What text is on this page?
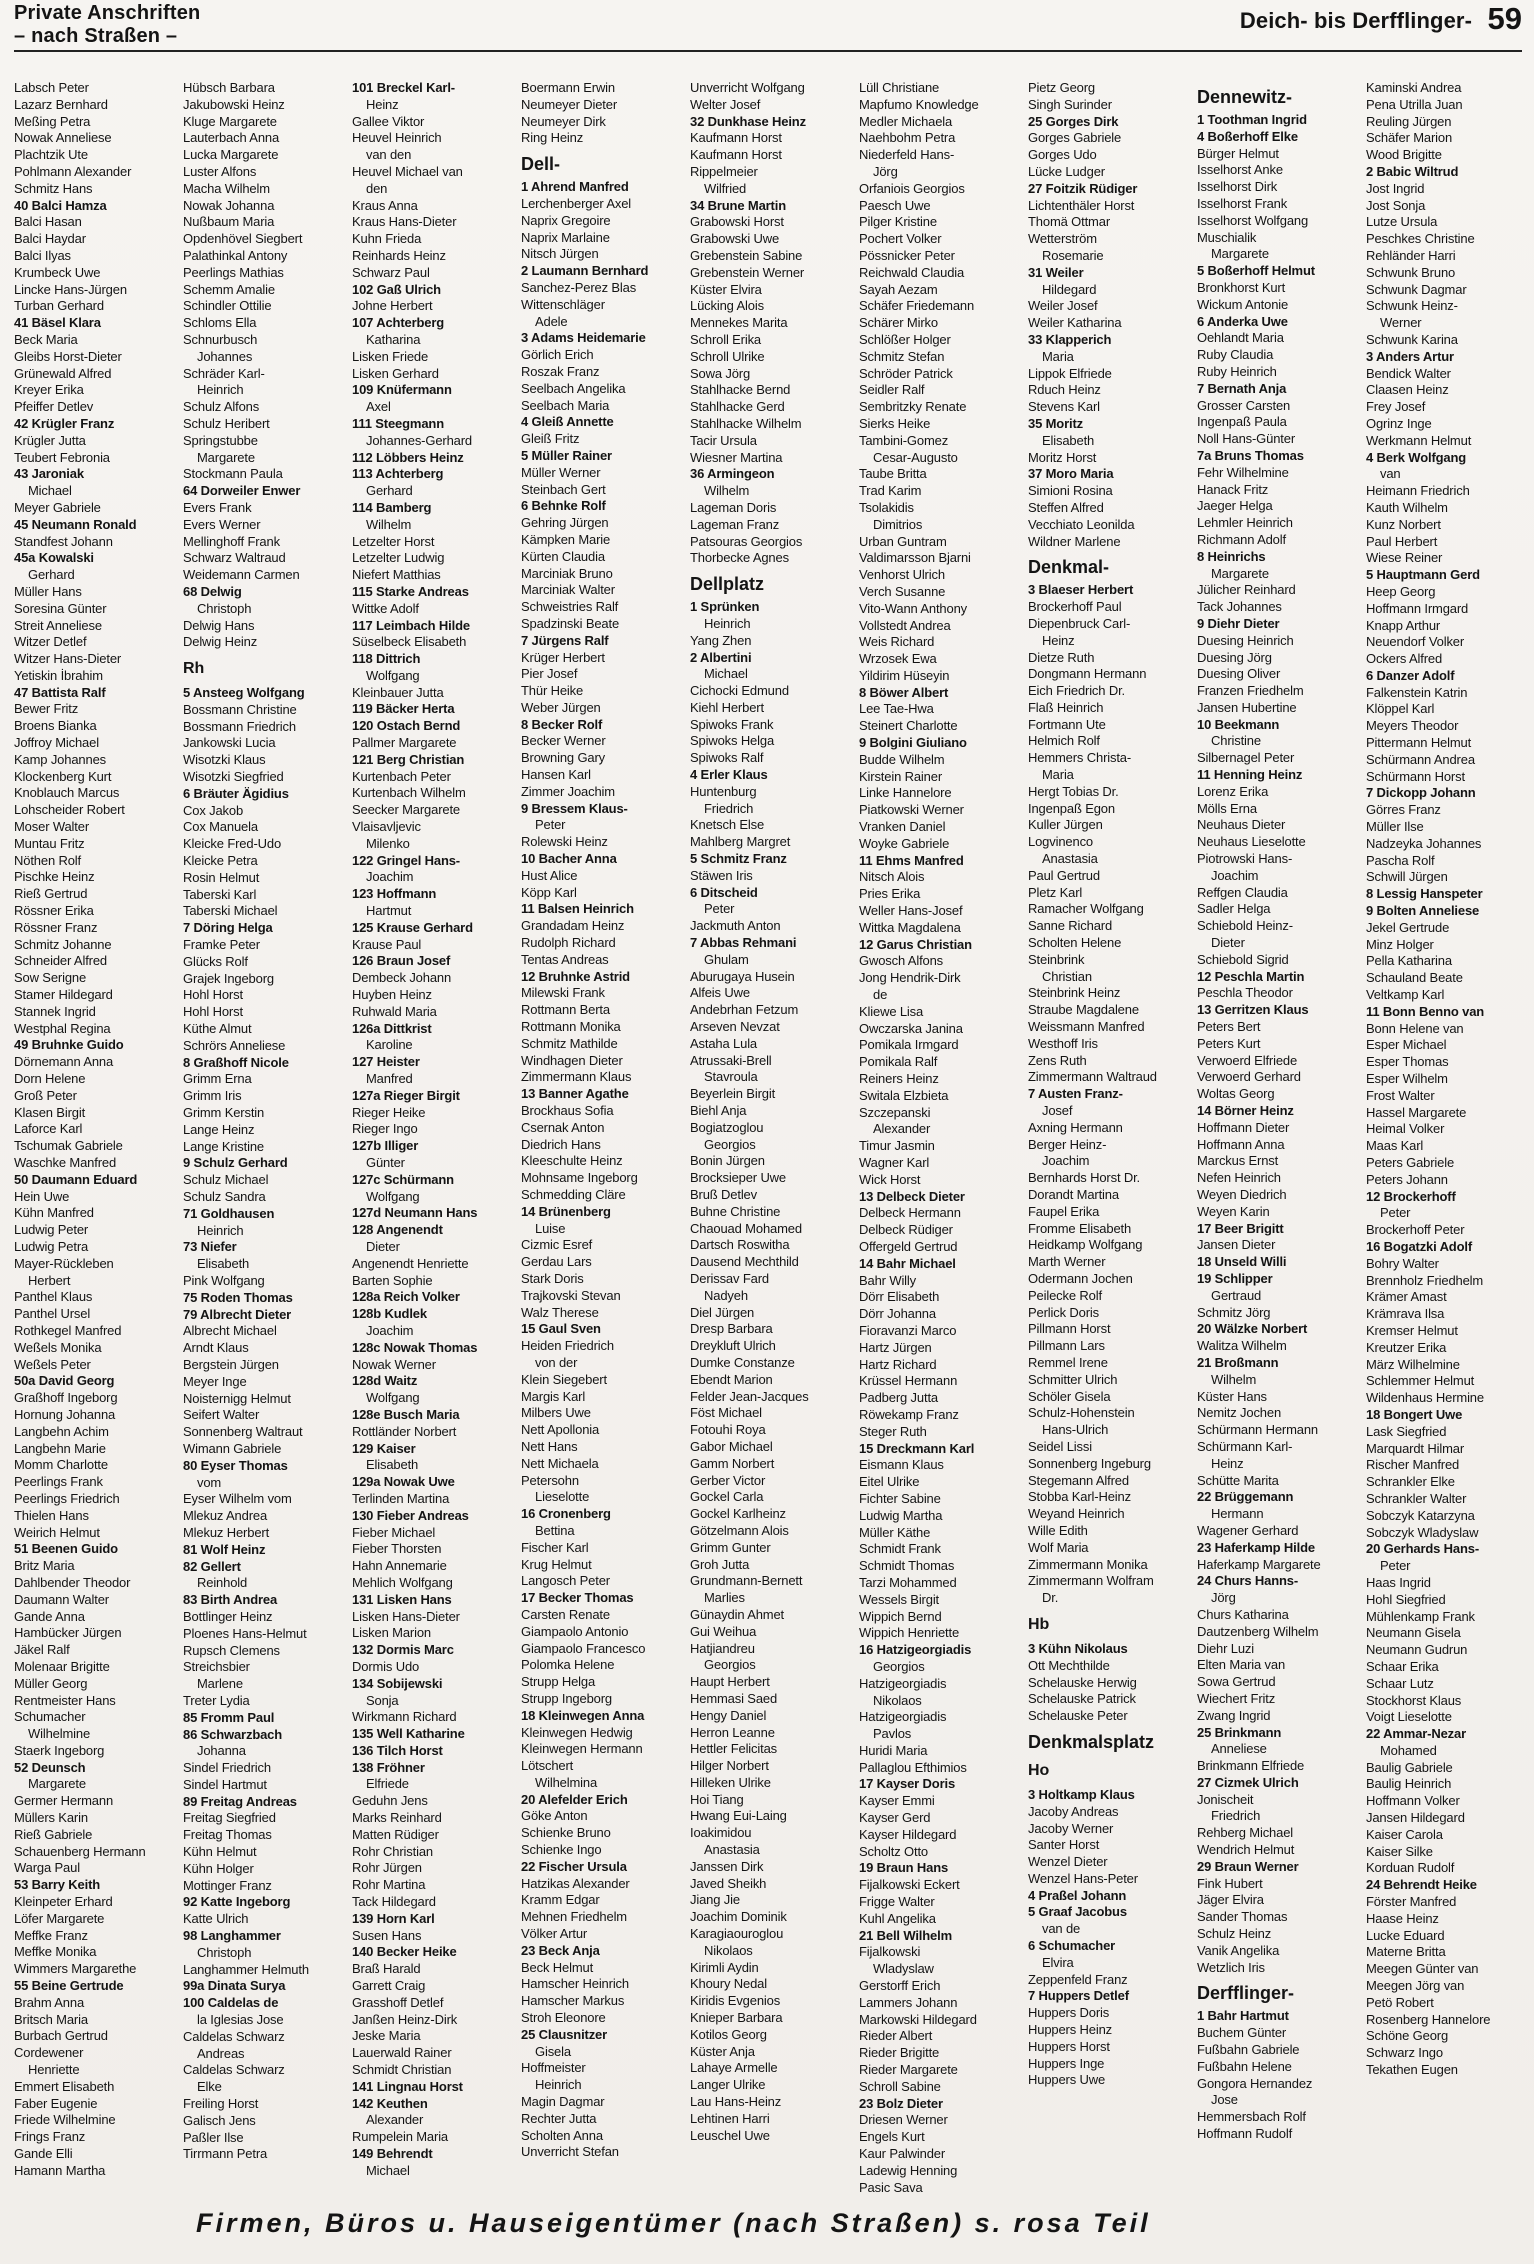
Private Anschriften
– nach Straßen –
Deich- bis Derfflinger- 59
Labsch Peter
Lazarz Bernhard
Meßing Petra
Nowak Anneliese
Plachtzik Ute
Pohlmann Alexander
Schmitz Hans
40 Balci Hamza
Balci Hasan
Balci Haydar
Balci Ilyas
Krumbeck Uwe
Lincke Hans-Jürgen
Turban Gerhard
41 Bäsel Klara
Beck Maria
Gleibs Horst-Dieter
Grünewald Alfred
Kreyer Erika
Pfeiffer Detlev
42 Krügler Franz
Krügler Jutta
Teubert Febronia
43 Jaroniak
Michael
Meyer Gabriele
45 Neumann Ronald
Standfest Johann
45a Kowalski
Gerhard
Müller Hans
Soresina Günter
Streit Anneliese
Witzer Detlef
Witzer Hans-Dieter
Yetiskin İbrahim
47 Battista Ralf
Bewer Fritz
Broens Bianka
Joffroy Michael
Kamp Johannes
Klockenberg Kurt
Knoblauch Marcus
Lohscheider Robert
Moser Walter
Muntau Fritz
Nöthen Rolf
Pischke Heinz
Rieß Gertrud
Rössner Erika
Rössner Franz
Schmitz Johanne
Schneider Alfred
Sow Serigne
Stamer Hildegard
Stannek Ingrid
Westphal Regina
49 Bruhnke Guido
Dörnemann Anna
Dorn Helene
Groß Peter
Klasen Birgit
Laforce Karl
Tschumak Gabriele
Waschke Manfred
50 Daumann Eduard
Hein Uwe
Kühn Manfred
Ludwig Peter
Ludwig Petra
Mayer-Rückleben
Herbert
Panthel Klaus
Panthel Ursel
Rothkegel Manfred
Weßels Monika
Weßels Peter
50a David Georg
Graßhoff Ingeborg
Hornung Johanna
Langbehn Achim
Langbehn Marie
Momm Charlotte
Peerlings Frank
Peerlings Friedrich
Thielen Hans
Weirich Helmut
51 Beenen Guido
Britz Maria
Dahlbender Theodor
Daumann Walter
Gande Anna
Hambücker Jürgen
Jäkel Ralf
Molenaar Brigitte
Müller Georg
Rentmeister Hans
Schumacher
Wilhelmine
Staerk Ingeborg
52 Deunsch
Margarete
Germer Hermann
Müllers Karin
Rieß Gabriele
Schauenberg Hermann
Warga Paul
53 Barry Keith
Kleinpeter Erhard
Löfer Margarete
Meffke Franz
Meffke Monika
Wimmers Margarethe
55 Beine Gertrude
Brahm Anna
Britsch Maria
Burbach Gertrud
Cordewener
Henriette
Emmert Elisabeth
Faber Eugenie
Friede Wilhelmine
Frings Franz
Gande Elli
Hamann Martha
Hübsch Barbara
Jakubowski Heinz
Kluge Margarete
Lauterbach Anna
Lucka Margarete
Luster Alfons
Macha Wilhelm
Nowak Johanna
Nußbaum Maria
Opdenhövel Siegbert
Palathinkal Antony
Peerlings Mathias
Schemm Amalie
Schindler Ottilie
Schloms Ella
Schnurbusch
Johannes
Schräder Karl-
Heinrich
Schulz Alfons
Schulz Heribert
Springstubbe
Margarete
Stockmann Paula
64 Dorweiler Enwer
Evers Frank
Evers Werner
Mellinghoff Frank
Schwarz Waltraud
Weidemann Carmen
68 Delwig
Christoph
Delwig Hans
Delwig Heinz
Rh
5 Ansteeg Wolfgang
Bossmann Christine
Bossmann Friedrich
Jankowski Lucia
Wisotzki Klaus
Wisotzki Siegfried
6 Bräuter Ägidius
Cox Jakob
Cox Manuela
Kleicke Fred-Udo
Kleicke Petra
Rosin Helmut
Taberski Karl
Taberski Michael
7 Döring Helga
Framke Peter
Glücks Rolf
Grajek Ingeborg
Hohl Horst
Hohl Horst
Küthe Almut
Schrörs Anneliese
8 Graßhoff Nicole
Grimm Erna
Grimm Iris
Grimm Kerstin
Lange Heinz
Lange Kristine
9 Schulz Gerhard
Schulz Michael
Schulz Sandra
71 Goldhausen
Heinrich
73 Niefer
Elisabeth
Pink Wolfgang
75 Roden Thomas
79 Albrecht Dieter
Albrecht Michael
Arndt Klaus
Bergstein Jürgen
Meyer Inge
Noisternigg Helmut
Seifert Walter
Sonnenberg Waltraut
Wimann Gabriele
80 Eyser Thomas
vom
Eyser Wilhelm vom
Mlekuz Andrea
Mlekuz Herbert
81 Wolf Heinz
82 Gellert
Reinhold
83 Birth Andrea
Bottlinger Heinz
Ploenes Hans-Helmut
Rupsch Clemens
Streichsbier
Marlene
Treter Lydia
85 Fromm Paul
86 Schwarzbach
Johanna
Sindel Friedrich
Sindel Hartmut
89 Freitag Andreas
Freitag Siegfried
Freitag Thomas
Kühn Helmut
Kühn Holger
Mottinger Franz
92 Katte Ingeborg
Katte Ulrich
98 Langhammer
Christoph
Langhammer Helmuth
99a Dinata Surya
100 Caldelas de
la Iglesias Jose
Caldelas Schwarz
Andreas
Caldelas Schwarz
Elke
Freiling Horst
Galisch Jens
Paßler Ilse
Tirrmann Petra
101 Breckel Karl-
Heinz
Gallee Viktor
Heuvel Heinrich
van den
Heuvel Michael van
den
Kraus Anna
Kraus Hans-Dieter
Kuhn Frieda
Reinhards Heinz
Schwarz Paul
102 Gaß Ulrich
Johne Herbert
107 Achterberg
Katharina
Lisken Friede
Lisken Gerhard
109 Knüfermann
Axel
111 Steegmann
Johannes-Gerhard
112 Löbbers Heinz
113 Achterberg
Gerhard
114 Bamberg
Wilhelm
Letzelter Horst
Letzelter Ludwig
Niefert Matthias
115 Starke Andreas
Wittke Adolf
117 Leimbach Hilde
Süselbeck Elisabeth
118 Dittrich
Wolfgang
Kleinbauer Jutta
119 Bäcker Herta
120 Ostach Bernd
Pallmer Margarete
121 Berg Christian
Kurtenbach Peter
Kurtenbach Wilhelm
Seecker Margarete
Vlaisavljevic
Milenko
122 Gringel Hans-
Joachim
123 Hoffmann
Hartmut
125 Krause Gerhard
Krause Paul
126 Braun Josef
Dembeck Johann
Huyben Heinz
Ruhwald Maria
126a Dittkrist
Karoline
127 Heister
Manfred
127a Rieger Birgit
Rieger Heike
Rieger Ingo
127b Illiger
Günter
127c Schürmann
Wolfgang
127d Neumann Hans
128 Angenendt
Dieter
Angenendt Henriette
Barten Sophie
128a Reich Volker
128b Kudlek
Joachim
128c Nowak Thomas
Nowak Werner
128d Waitz
Wolfgang
128e Busch Maria
Rottländer Norbert
129 Kaiser
Elisabeth
129a Nowak Uwe
Terlinden Martina
130 Fieber Andreas
Fieber Michael
Fieber Thorsten
Hahn Annemarie
Mehlich Wolfgang
131 Lisken Hans
Lisken Hans-Dieter
Lisken Marion
132 Dormis Marc
Dormis Udo
134 Sobijewski
Sonja
Wirkmann Richard
135 Well Katharine
136 Tilch Horst
138 Fröhner
Elfriede
Geduhn Jens
Marks Reinhard
Matten Rüdiger
Rohr Christian
Rohr Jürgen
Rohr Martina
Tack Hildegard
139 Horn Karl
Susen Hans
140 Becker Heike
Braß Harald
Garrett Craig
Grasshoff Detlef
Janßen Heinz-Dirk
Jeske Maria
Lauerwald Rainer
Schmidt Christian
141 Lingnau Horst
142 Keuthen
Alexander
Rumpelein Maria
149 Behrendt
Michael
Boermann Erwin
Neumeyer Dieter
Neumeyer Dirk
Ring Heinz
Dell-
1 Ahrend Manfred
Lerchenberger Axel
Naprix Gregoire
Naprix Marlaine
Nitsch Jürgen
2 Laumann Bernhard
Sanchez-Perez Blas
Wittenschläger
Adele
3 Adams Heidemarie
Görlich Erich
Roszak Franz
Seelbach Angelika
Seelbach Maria
4 Gleiß Annette
Gleiß Fritz
5 Müller Rainer
Müller Werner
Steinbach Gert
6 Behnke Rolf
Gehring Jürgen
Kämpken Marie
Kürten Claudia
Marciniak Bruno
Marciniak Walter
Schweistries Ralf
Spadzinski Beate
7 Jürgens Ralf
Krüger Herbert
Pier Josef
Thür Heike
Weber Jürgen
8 Becker Rolf
Becker Werner
Browning Gary
Hansen Karl
Zimmer Joachim
9 Bressem Klaus-
Peter
Rolewski Heinz
10 Bacher Anna
Hust Alice
Köpp Karl
11 Balsen Heinrich
Grandadam Heinz
Rudolph Richard
Tentas Andreas
12 Bruhnke Astrid
Milewski Frank
Rottmann Berta
Rottmann Monika
Schmitz Mathilde
Windhagen Dieter
Zimmermann Klaus
13 Banner Agathe
Brockhaus Sofia
Csernak Anton
Diedrich Hans
Kleeschulte Heinz
Mohnsame Ingeborg
Schmedding Cläre
14 Brünenberg
Luise
Cizmic Esref
Gerdau Lars
Stark Doris
Trajkovski Stevan
Walz Therese
15 Gaul Sven
Heiden Friedrich
von der
Klein Siegebert
Margis Karl
Milbers Uwe
Nett Apollonia
Nett Hans
Nett Michaela
Petersohn
Lieselotte
16 Cronenberg
Bettina
Fischer Karl
Krug Helmut
Langosch Peter
17 Becker Thomas
Carsten Renate
Giampaolo Antonio
Giampaolo Francesco
Polomka Helene
Strupp Helga
Strupp Ingeborg
18 Kleinwegen Anna
Kleinwegen Hedwig
Kleinwegen Hermann
Lötschert
Wilhelmina
20 Alefelder Erich
Göke Anton
Schienke Bruno
Schienke Ingo
22 Fischer Ursula
Hatzikas Alexander
Kramm Edgar
Mehnen Friedhelm
Völker Artur
23 Beck Anja
Beck Helmut
Hamscher Heinrich
Hamscher Markus
Stroh Eleonore
25 Clausnitzer
Gisela
Hoffmeister
Heinrich
Magin Dagmar
Rechter Jutta
Scholten Anna
Unverricht Stefan
Unverricht Wolfgang
Welter Josef
32 Dunkhase Heinz
Kaufmann Horst
Kaufmann Horst
Rippelmeier
Wilfried
34 Brune Martin
Grabowski Horst
Grabowski Uwe
Grebenstein Sabine
Grebenstein Werner
Küster Elvira
Lücking Alois
Mennekes Marita
Schroll Erika
Schroll Ulrike
Sowa Jörg
Stahlhacke Bernd
Stahlhacke Gerd
Stahlhacke Wilhelm
Tacir Ursula
Wiesner Martina
36 Armingeon
Wilhelm
Lageman Doris
Lageman Franz
Patsouras Georgios
Thorbecke Agnes
Dellplatz
1 Sprünken
Heinrich
Yang Zhen
2 Albertini
Michael
Cichocki Edmund
Kiehl Herbert
Spiwoks Frank
Spiwoks Helga
Spiwoks Ralf
4 Erler Klaus
Huntenburg
Friedrich
Knetsch Else
Mahlberg Margret
5 Schmitz Franz
Stäwen Iris
6 Ditscheid
Peter
Jackmuth Anton
7 Abbas Rehmani
Ghulam
Aburugaya Husein
Alfeis Uwe
Andebrhan Fetzum
Arseven Nevzat
Astaha Lula
Atrussaki-Brell
Stavroula
Beyerlein Birgit
Biehl Anja
Bogiatzoglou
Georgios
Bonin Jürgen
Brocksieper Uwe
Bruß Detlev
Buhne Christine
Chaouad Mohamed
Dartsch Roswitha
Dausend Mechthild
Derissav Fard
Nadyeh
Diel Jürgen
Dresp Barbara
Dreykluft Ulrich
Dumke Constanze
Ebendt Marion
Felder Jean-Jacques
Föst Michael
Fotouhi Roya
Gabor Michael
Gamm Norbert
Gerber Victor
Gockel Carla
Gockel Karlheinz
Götzelmann Alois
Grimm Gunter
Groh Jutta
Grundmann-Bernett
Marlies
Günaydin Ahmet
Gui Weihua
Hatjiandreu
Georgios
Haupt Herbert
Hemmasi Saed
Hengy Daniel
Herron Leanne
Hettler Felicitas
Hilger Norbert
Hilleken Ulrike
Hoi Tiang
Hwang Eui-Laing
Ioakimidou
Anastasia
Janssen Dirk
Javed Sheikh
Jiang Jie
Joachim Dominik
Karagiaouroglou
Nikolaos
Kirimli Aydin
Khoury Nedal
Kiridis Evgenios
Knieper Barbara
Kotilos Georg
Küster Anja
Lahaye Armelle
Langer Ulrike
Lau Hans-Heinz
Lehtinen Harri
Leuschel Uwe
Lüll Christiane
Mapfumo Knowledge
Medler Michaela
Naehbohm Petra
Niederfeld Hans-
Jörg
Orfaniois Georgios
Paesch Uwe
Pilger Kristine
Pochert Volker
Pössnicker Peter
Reichwald Claudia
Sayah Aezam
Schäfer Friedemann
Schärer Mirko
Schlößer Holger
Schmitz Stefan
Schröder Patrick
Seidler Ralf
Sembritzky Renate
Sierks Heike
Tambini-Gomez
Cesar-Augusto
Taube Britta
Trad Karim
Tsolakidis
Dimitrios
Urban Guntram
Valdimarsson Bjarni
Venhorst Ulrich
Verch Susanne
Vito-Wann Anthony
Vollstedt Andrea
Weis Richard
Wrzosek Ewa
Yildirim Hüseyin
8 Böwer Albert
Lee Tae-Hwa
Steinert Charlotte
9 Bolgini Giuliano
Budde Wilhelm
Kirstein Rainer
Linke Hannelore
Piatkowski Werner
Vranken Daniel
Woyke Gabriele
11 Ehms Manfred
Nitsch Alois
Pries Erika
Weller Hans-Josef
Wittka Magdalena
12 Garus Christian
Gwosch Alfons
Jong Hendrik-Dirk
de
Kliewe Lisa
Owczarska Janina
Pomikala Irmgard
Pomikala Ralf
Reiners Heinz
Switala Elzbieta
Szczepanski
Alexander
Timur Jasmin
Wagner Karl
Wick Horst
13 Delbeck Dieter
Delbeck Hermann
Delbeck Rüdiger
Offergeld Gertrud
14 Bahr Michael
Bahr Willy
Dörr Elisabeth
Dörr Johanna
Fioravanzi Marco
Hartz Jürgen
Hartz Richard
Krüssel Hermann
Padberg Jutta
Röwekamp Franz
Steger Ruth
15 Dreckmann Karl
Eismann Klaus
Eitel Ulrike
Fichter Sabine
Ludwig Martha
Müller Käthe
Schmidt Frank
Schmidt Thomas
Tarzi Mohammed
Wessels Birgit
Wippich Bernd
Wippich Henriette
16 Hatzigeorgiadis
Georgios
Hatzigeorgiadis
Nikolaos
Hatzigeorgiadis
Pavlos
Huridi Maria
Pallaglou Efthimios
17 Kayser Doris
Kayser Emmi
Kayser Gerd
Kayser Hildegard
Scholtz Otto
19 Braun Hans
Fijalkowski Eckert
Frigge Walter
Kuhl Angelika
21 Bell Wilhelm
Fijalkowski
Wladyslaw
Gerstorff Erich
Lammers Johann
Markowski Hildegard
Rieder Albert
Rieder Brigitte
Rieder Margarete
Schroll Sabine
23 Bolz Dieter
Driesen Werner
Engels Kurt
Kaur Palwinder
Ladewig Henning
Pasic Sava
Pietz Georg
Singh Surinder
25 Gorges Dirk
Gorges Gabriele
Gorges Udo
Lücke Ludger
27 Foitzik Rüdiger
Lichtenthäler Horst
Thomä Ottmar
Wetterström
Rosemarie
31 Weiler
Hildegard
Weiler Josef
Weiler Katharina
33 Klapperich
Maria
Lippok Elfriede
Rduch Heinz
Stevens Karl
35 Moritz
Elisabeth
Moritz Horst
37 Moro Maria
Simioni Rosina
Steffen Alfred
Vecchiato Leonilda
Wildner Marlene
Denkmal-
3 Blaeser Herbert
Brockerhoff Paul
Diepenbruck Carl-
Heinz
Dietze Ruth
Dongmann Hermann
Eich Friedrich Dr.
Flaß Heinrich
Fortmann Ute
Helmich Rolf
Hemmers Christa-
Maria
Hergt Tobias Dr.
Ingenpaß Egon
Kuller Jürgen
Logvinenco
Anastasia
Paul Gertrud
Pletz Karl
Ramacher Wolfgang
Sanne Richard
Scholten Helene
Steinbrink
Christian
Steinbrink Heinz
Straube Magdalene
Weissmann Manfred
Westhoff Iris
Zens Ruth
Zimmermann Waltraud
7 Austen Franz-
Josef
Axning Hermann
Berger Heinz-
Joachim
Bernhards Horst Dr.
Dorandt Martina
Faupel Erika
Fromme Elisabeth
Heidkamp Wolfgang
Marth Werner
Odermann Jochen
Peilecke Rolf
Perlick Doris
Pillmann Horst
Pillmann Lars
Remmel Irene
Schmitter Ulrich
Schöler Gisela
Schulz-Hohenstein
Hans-Ulrich
Seidel Lissi
Sonnenberg Ingeburg
Stegemann Alfred
Stobba Karl-Heinz
Weyand Heinrich
Wille Edith
Wolf Maria
Zimmermann Monika
Zimmermann Wolfram
Dr.
Hb
3 Kühn Nikolaus
Ott Mechthilde
Schelauske Herwig
Schelauske Patrick
Schelauske Peter
Denkmalsplatz
Ho
3 Holtkamp Klaus
Jacoby Andreas
Jacoby Werner
Santer Horst
Wenzel Dieter
Wenzel Hans-Peter
4 Praßel Johann
5 Graaf Jacobus
van de
6 Schumacher
Elvira
Zeppenfeld Franz
7 Huppers Detlef
Huppers Doris
Huppers Heinz
Huppers Horst
Huppers Inge
Huppers Uwe
Dennewitz-
1 Toothman Ingrid
4 Boßerhoff Elke
Bürger Helmut
Isselhorst Anke
Isselhorst Dirk
Isselhorst Frank
Isselhorst Wolfgang
Muschialik
Margarete
5 Boßerhoff Helmut
Bronkhorst Kurt
Wickum Antonie
6 Anderka Uwe
Oehlandt Maria
Ruby Claudia
Ruby Heinrich
7 Bernath Anja
Grosser Carsten
Ingenpaß Paula
Noll Hans-Günter
7a Bruns Thomas
Fehr Wilhelmine
Hanack Fritz
Jaeger Helga
Lehmler Heinrich
Richmann Adolf
8 Heinrichs
Margarete
Jülicher Reinhard
Tack Johannes
9 Diehr Dieter
Duesing Heinrich
Duesing Jörg
Duesing Oliver
Franzen Friedhelm
Jansen Hubertine
10 Beekmann
Christine
Silbernagel Peter
11 Henning Heinz
Lorenz Erika
Mölls Erna
Neuhaus Dieter
Neuhaus Lieselotte
Piotrowski Hans-
Joachim
Reffgen Claudia
Sadler Helga
Schiebold Heinz-
Dieter
Schiebold Sigrid
12 Peschla Martin
Peschla Theodor
13 Gerritzen Klaus
Peters Bert
Peters Kurt
Verwoerd Elfriede
Verwoerd Gerhard
Woltas Georg
14 Börner Heinz
Hoffmann Dieter
Hoffmann Anna
Marckus Ernst
Nefen Heinrich
Weyen Diedrich
Weyen Karin
17 Beer Brigitt
Jansen Dieter
18 Unseld Willi
19 Schlipper
Gertraud
Schmitz Jörg
20 Wälzke Norbert
Walitza Wilhelm
21 Broßmann
Wilhelm
Küster Hans
Nemitz Jochen
Schürmann Hermann
Schürmann Karl-
Heinz
Schütte Marita
22 Brüggemann
Hermann
Wagener Gerhard
23 Haferkamp Hilde
Haferkamp Margarete
24 Churs Hanns-
Jörg
Churs Katharina
Dautzenberg Wilhelm
Diehr Luzi
Elten Maria van
Sowa Gertrud
Wiechert Fritz
Zwang Ingrid
25 Brinkmann
Anneliese
Brinkmann Elfriede
27 Cizmek Ulrich
Jonischeit
Friedrich
Rehberg Michael
Wendrich Helmut
29 Braun Werner
Fink Hubert
Jäger Elvira
Sander Thomas
Schulz Heinz
Vanik Angelika
Wetzlich Iris
Derfflinger-
1 Bahr Hartmut
Buchem Günter
Fußbahn Gabriele
Fußbahn Helene
Gongora Hernandez
Jose
Hemmersbach Rolf
Hoffmann Rudolf
Kaminski Andrea
Pena Utrilla Juan
Reuling Jürgen
Schäfer Marion
Wood Brigitte
2 Babic Wiltrud
Jost Ingrid
Jost Sonja
Lutze Ursula
Peschkes Christine
Rehländer Harri
Schwunk Bruno
Schwunk Dagmar
Schwunk Heinz-
Werner
Schwunk Karina
3 Anders Artur
Bendick Walter
Claasen Heinz
Frey Josef
Ogrinz Inge
Werkmann Helmut
4 Berk Wolfgang
van
Heimann Friedrich
Kauth Wilhelm
Kunz Norbert
Paul Herbert
Wiese Reiner
5 Hauptmann Gerd
Heep Georg
Hoffmann Irmgard
Knapp Arthur
Neuendorf Volker
Ockers Alfred
6 Danzer Adolf
Falkenstein Katrin
Klöppel Karl
Meyers Theodor
Pittermann Helmut
Schürmann Andrea
Schürmann Horst
7 Dickopp Johann
Görres Franz
Müller Ilse
Nadzeyka Johannes
Pascha Rolf
Schwill Jürgen
8 Lessig Hanspeter
9 Bolten Anneliese
Jekel Gertrude
Minz Holger
Pella Katharina
Schauland Beate
Veltkamp Karl
11 Bonn Benno van
Bonn Helene van
Esper Michael
Esper Thomas
Esper Wilhelm
Frost Walter
Hassel Margarete
Heimal Volker
Maas Karl
Peters Gabriele
Peters Johann
12 Brockerhoff
Peter
Brockerhoff Peter
16 Bogatzki Adolf
Bohry Walter
Brennholz Friedhelm
Krämer Amast
Krämrava Ilsa
Kremser Helmut
Kreutzer Erika
März Wilhelmine
Schlemmer Helmut
Wildenhaus Hermine
18 Bongert Uwe
Lask Siegfried
Marquardt Hilmar
Rischer Manfred
Schrankler Elke
Schrankler Walter
Sobczyk Katarzyna
Sobczyk Wladyslaw
20 Gerhards Hans-
Peter
Haas Ingrid
Hohl Siegfried
Mühlenkamp Frank
Neumann Gisela
Neumann Gudrun
Schaar Erika
Schaar Lutz
Stockhorst Klaus
Voigt Lieselotte
22 Ammar-Nezar
Mohamed
Baulig Gabriele
Baulig Heinrich
Hoffmann Volker
Jansen Hildegard
Kaiser Carola
Kaiser Silke
Korduan Rudolf
24 Behrendt Heike
Förster Manfred
Haase Heinz
Lucke Eduard
Materne Britta
Meegen Günter van
Meegen Jörg van
Petö Robert
Rosenberg Hannelore
Schöne Georg
Schwarz Ingo
Tekathen Eugen
Firmen, Büros u. Hauseigentümer (nach Straßen) s. rosa Teil
